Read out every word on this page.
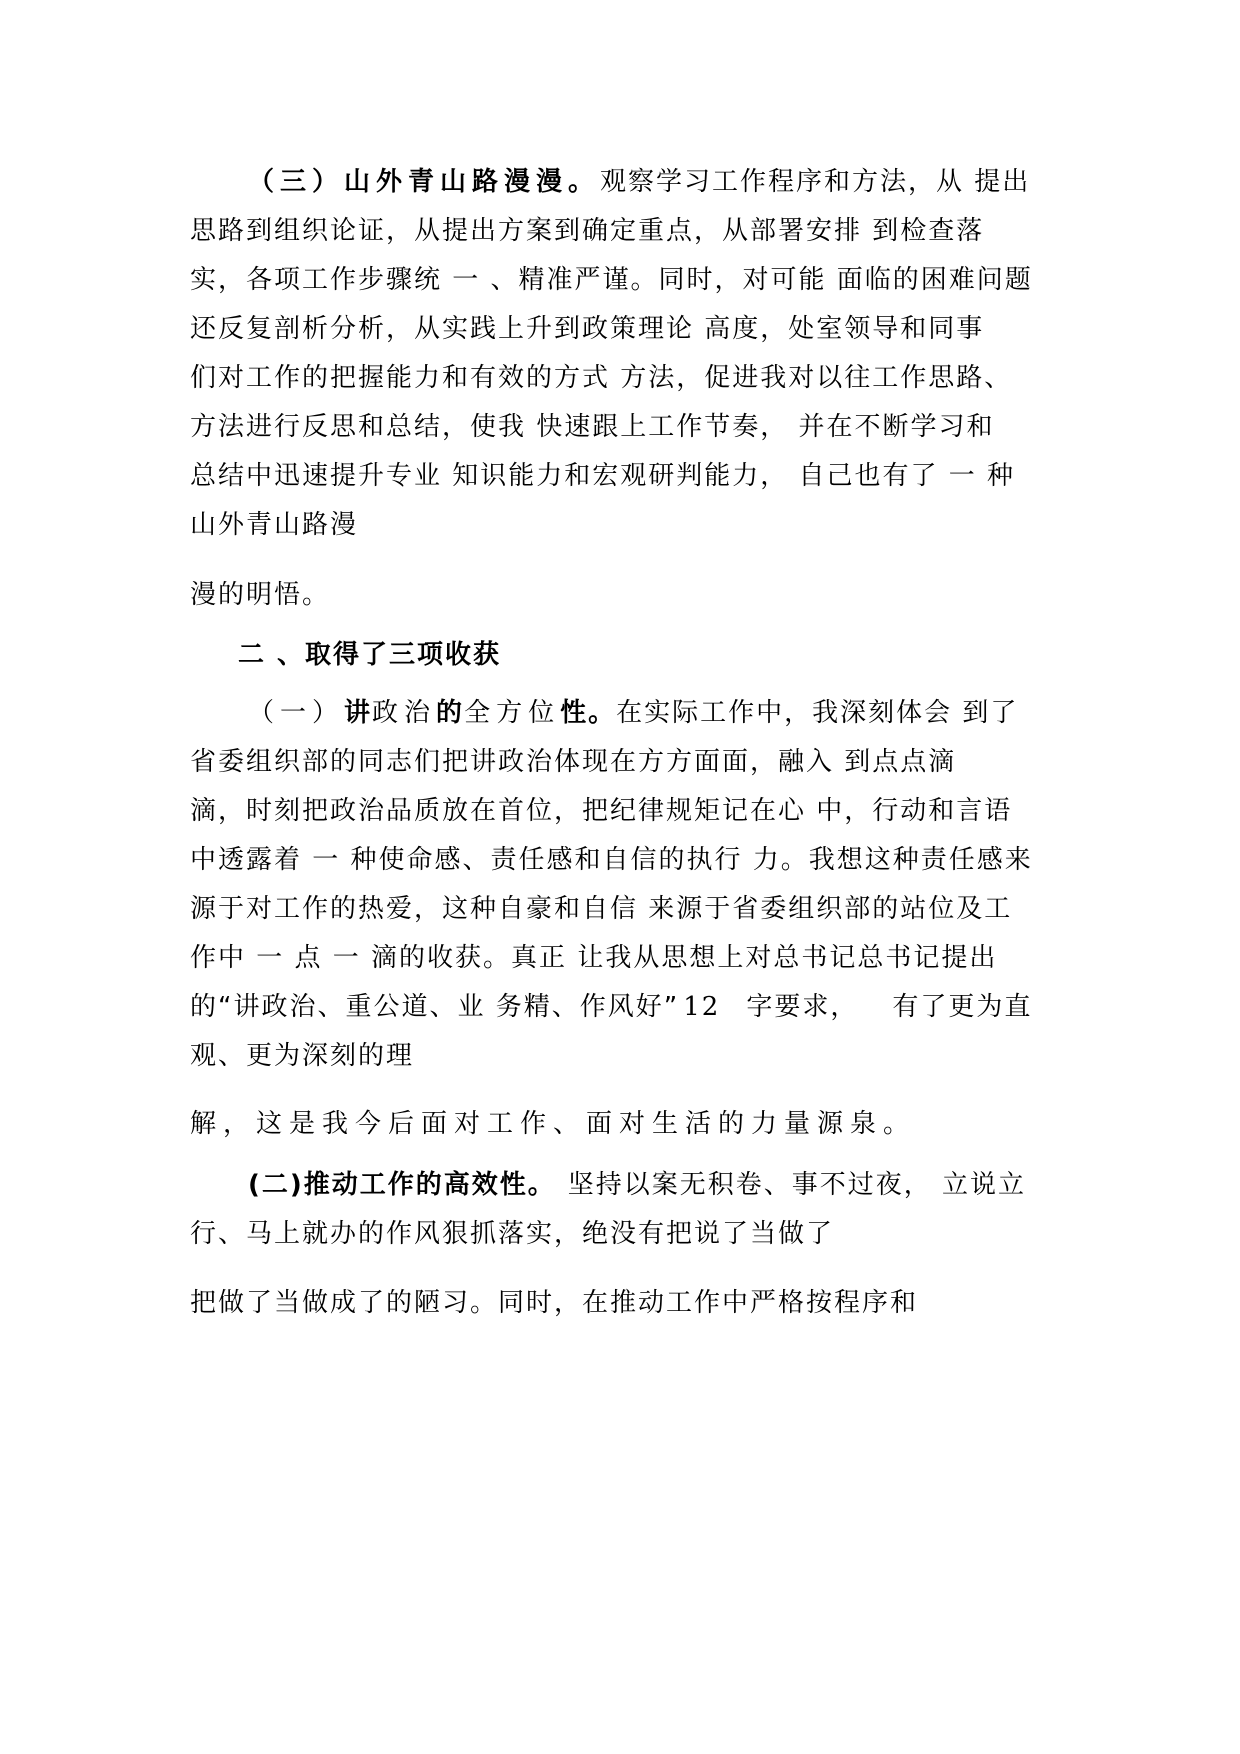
（三）山外青山路漫漫。观察学习工作程序和方法，从 提出
思路到组织论证，从提出方案到确定重点，从部署安排 到检查落
实，各项工作步骤统 一 、精准严谨。同时，对可能 面临的困难问题
还反复剖析分析，从实践上升到政策理论 高度，处室领导和同事
们对工作的把握能力和有效的方式 方法，促进我对以往工作思路、
方法进行反思和总结，使我 快速跟上工作节奏， 并在不断学习和
总结中迅速提升专业 知识能力和宏观研判能力， 自己也有了 一 种
山外青山路漫
漫的明悟。
二 、取得了三项收获
（一）讲政治的全方位性。在实际工作中，我深刻体会 到了
省委组织部的同志们把讲政治体现在方方面面，融入 到点点滴
滴，时刻把政治品质放在首位，把纪律规矩记在心 中，行动和言语
中透露着 一 种使命感、责任感和自信的执行 力。我想这种责任感来
源于对工作的热爱，这种自豪和自信 来源于省委组织部的站位及工
作中 一 点 一 滴的收获。真正 让我从思想上对总书记总书记提出
的“讲政治、重公道、业 务精、作风好” 12 字要求， 有了更为直
观、更为深刻的理
解，这是我今后面对工作、面对生活的力量源泉。
(二)推动工作的高效性。 坚持以案无积卷、事不过夜， 立说立
行、马上就办的作风狠抓落实，绝没有把说了当做了
把做了当做成了的陋习。同时，在推动工作中严格按程序和
